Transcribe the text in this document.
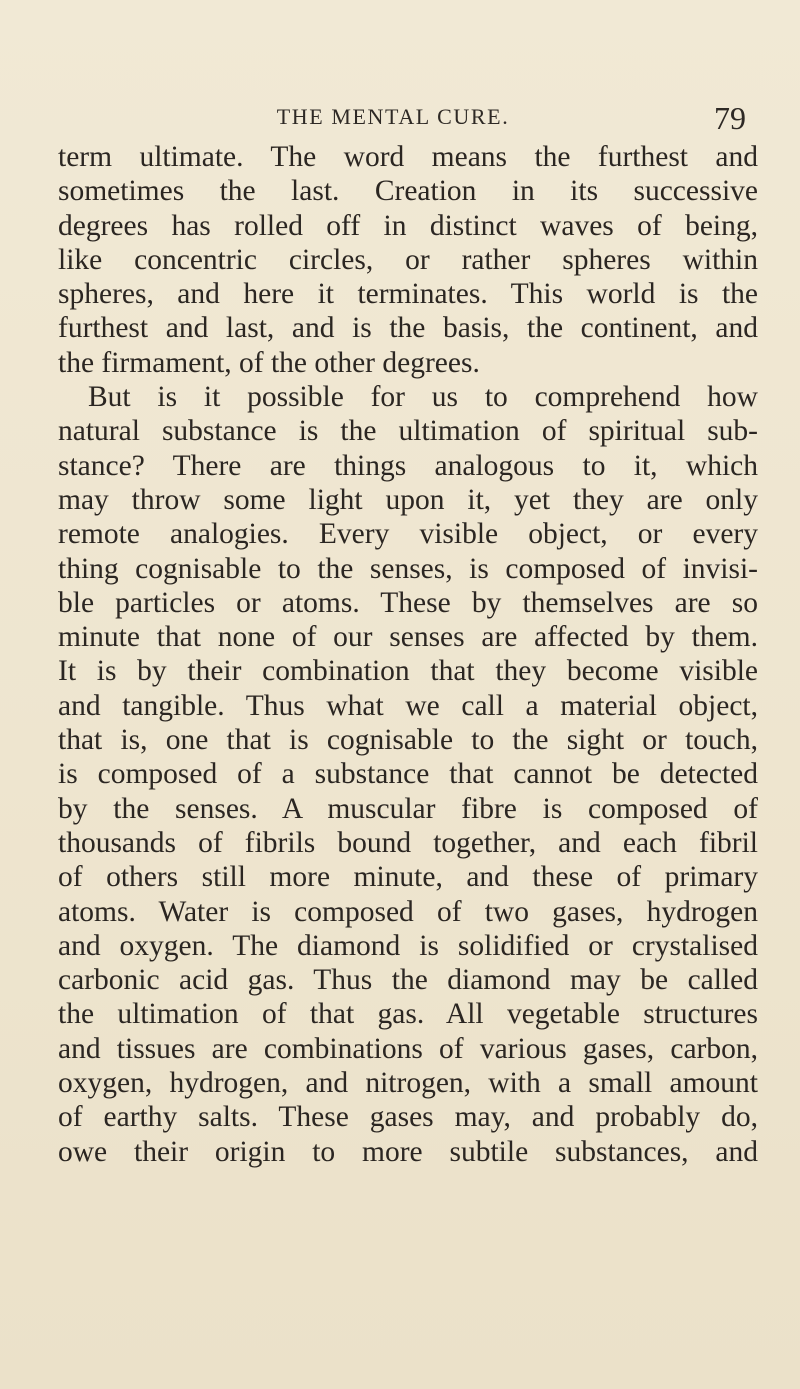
THE MENTAL CURE.	79
term ultimate. The word means the furthest and
sometimes the last. Creation in its successive
degrees has rolled off in distinct waves of being,
like concentric circles, or rather spheres within
spheres, and here it terminates. This world is the
furthest and last, and is the basis, the continent, and
the firmament, of the other degrees.
But is it possible for us to comprehend how
natural substance is the ultimation of spiritual sub-
stance? There are things analogous to it, which
may throw some light upon it, yet they are only
remote analogies. Every visible object, or every
thing cognisable to the senses, is composed of invisi-
ble particles or atoms. These by themselves are so
minute that none of our senses are affected by them.
It is by their combination that they become visible
and tangible. Thus what we call a material object,
that is, one that is cognisable to the sight or touch,
is composed of a substance that cannot be detected
by the senses. A muscular fibre is composed of
thousands of fibrils bound together, and each fibril
of others still more minute, and these of primary
atoms. Water is composed of two gases, hydrogen
and oxygen. The diamond is solidified or crystalised
carbonic acid gas. Thus the diamond may be called
the ultimation of that gas. All vegetable structures
and tissues are combinations of various gases, carbon,
oxygen, hydrogen, and nitrogen, with a small amount
of earthy salts. These gases may, and probably do,
owe their origin to more subtile substances, and
